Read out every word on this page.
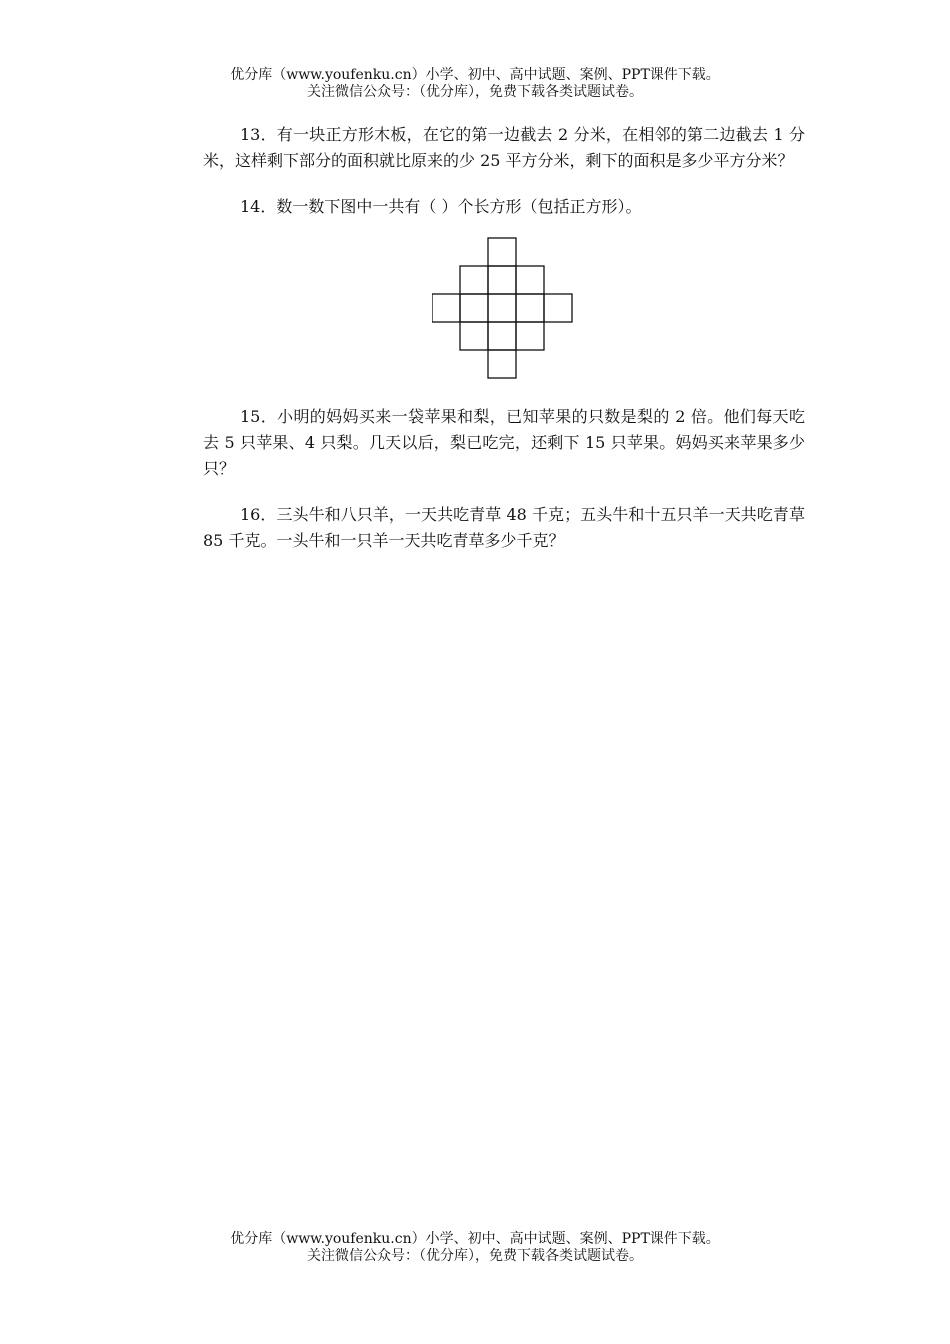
优分库（www.youfenku.cn）小学、初中、高中试题、案例、PPT课件下载。
关注微信公众号：（优分库），免费下载各类试题试卷。

13．有一块正方形木板，在它的第一边截去 2 分米，在相邻的第二边截去 1 分米，这样剩下部分的面积就比原来的少 25 平方分米，剩下的面积是多少平方分米？

14．数一数下图中一共有（ ）个长方形（包括正方形）。

15．小明的妈妈买来一袋苹果和梨，已知苹果的只数是梨的 2 倍。他们每天吃去 5 只苹果、4 只梨。几天以后，梨已吃完，还剩下 15 只苹果。妈妈买来苹果多少只？

16．三头牛和八只羊，一天共吃青草 48 千克；五头牛和十五只羊一天共吃青草 85 千克。一头牛和一只羊一天共吃青草多少千克？

优分库（www.youfenku.cn）小学、初中、高中试题、案例、PPT课件下载。
关注微信公众号：（优分库），免费下载各类试题试卷。
